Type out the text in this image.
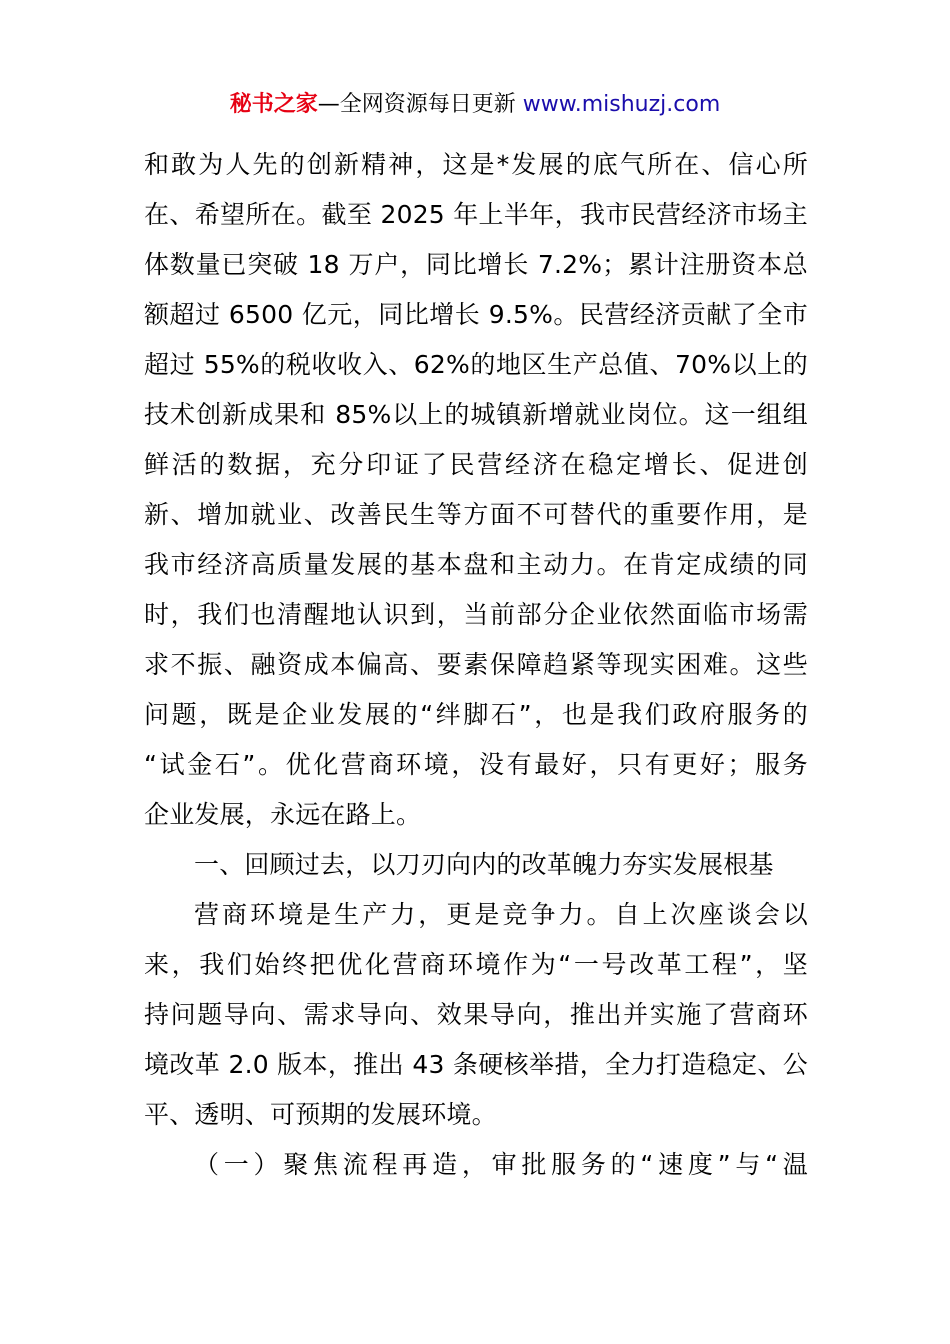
秘书之家—全网资源每日更新 www.mishuzj.com
和敢为人先的创新精神，这是*发展的底气所在、信心所
在、希望所在。截至 2025 年上半年，我市民营经济市场主
体数量已突破 18 万户，同比增长 7.2%；累计注册资本总
额超过 6500 亿元，同比增长 9.5%。民营经济贡献了全市
超过 55%的税收收入、62%的地区生产总值、70%以上的
技术创新成果和 85%以上的城镇新增就业岗位。这一组组
鲜活的数据，充分印证了民营经济在稳定增长、促进创
新、增加就业、改善民生等方面不可替代的重要作用，是
我市经济高质量发展的基本盘和主动力。在肯定成绩的同
时，我们也清醒地认识到，当前部分企业依然面临市场需
求不振、融资成本偏高、要素保障趋紧等现实困难。这些
问题，既是企业发展的“绊脚石”，也是我们政府服务的
“试金石”。优化营商环境，没有最好，只有更好；服务
企业发展，永远在路上。
一、回顾过去，以刀刃向内的改革魄力夯实发展根基
营商环境是生产力，更是竞争力。自上次座谈会以
来，我们始终把优化营商环境作为“一号改革工程”，坚
持问题导向、需求导向、效果导向，推出并实施了营商环
境改革 2.0 版本，推出 43 条硬核举措，全力打造稳定、公
平、透明、可预期的发展环境。
（一）聚焦流程再造，审批服务的“速度”与“温
